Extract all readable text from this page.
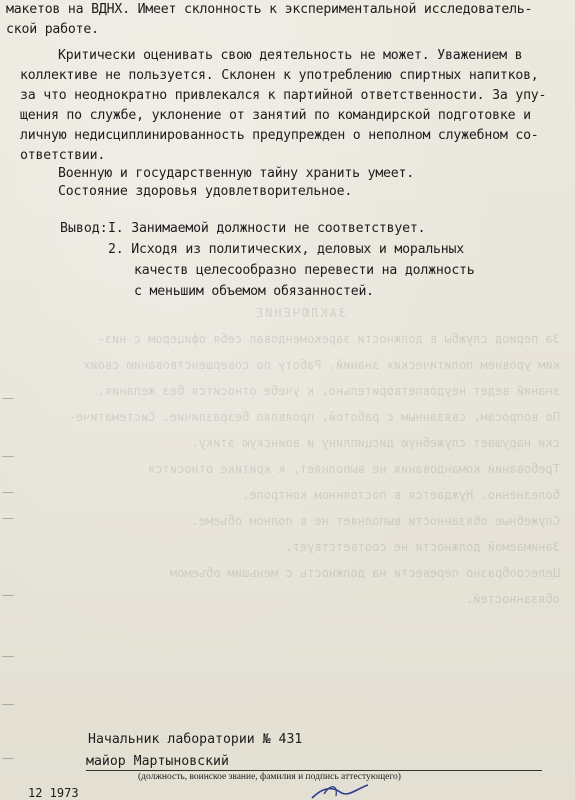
ЗАКЛЮЧЕНИЕ
За период службы в должности зарекомендовал себя офицером с низ-
ким уровнем политических знаний. Работу по совершенствованию своих
знаний ведет неудовлетворительно, к учебе относится без желания.
По вопросам, связанным с работой, проявлял безразличие. Систематиче-
ски нарушает служебную дисциплину и воинскую этику.
Требований командования не выполняет, к критике относится
болезненно. Нуждается в постоянном контроле.
Служебные обязанности выполняет не в полном объеме.
Занимаемой должности не соответствует.
Целесообразно перевести на должность с меньшим объемом
обязанностей.
макетов на ВДНХ. Имеет склонность к экспериментальной исследователь-
ской работе.
Критически оценивать свою деятельность не может. Уважением в
коллективе не пользуется. Склонен к употреблению спиртных напитков,
за что неоднократно привлекался к партийной ответственности. За упу-
щения по службе, уклонение от занятий по командирской подготовке и
личную недисциплинированность предупрежден о неполном служебном со-
ответствии.
Военную и государственную тайну хранить умеет.
Состояние здоровья удовлетворительное.
Вывод: I. Занимаемой должности не соответствует.
2. Исходя из политических, деловых и моральных
качеств целесообразно перевести на должность
с меньшим объемом обязанностей.
Начальник лаборатории № 431
майор Мартыновский
(должность, воинское звание, фамилия и подпись аттестующего)
12 1973
